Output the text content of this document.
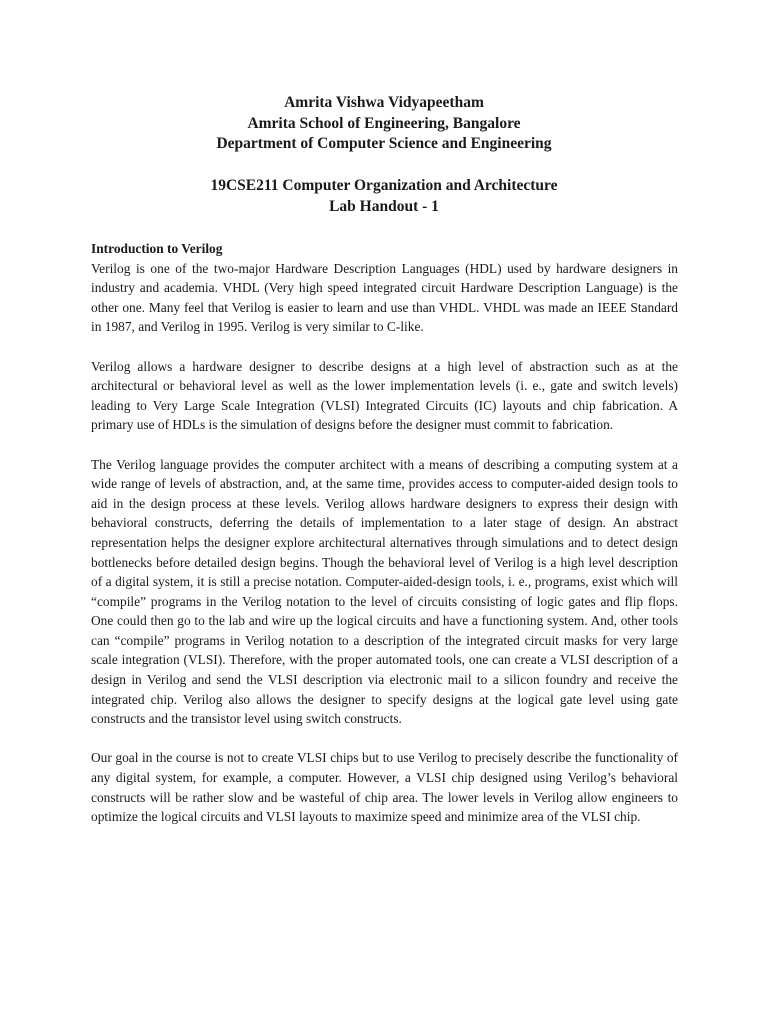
Amrita Vishwa Vidyapeetham
Amrita School of Engineering, Bangalore
Department of Computer Science and Engineering
19CSE211 Computer Organization and Architecture
Lab Handout - 1

Introduction to Verilog

Verilog is one of the two-major Hardware Description Languages (HDL) used by hardware designers in industry and academia. VHDL (Very high speed integrated circuit Hardware Description Language) is the other one. Many feel that Verilog is easier to learn and use than VHDL. VHDL was made an IEEE Standard in 1987, and Verilog in 1995. Verilog is very similar to C-like.

Verilog allows a hardware designer to describe designs at a high level of abstraction such as at the architectural or behavioral level as well as the lower implementation levels (i. e., gate and switch levels) leading to Very Large Scale Integration (VLSI) Integrated Circuits (IC) layouts and chip fabrication. A primary use of HDLs is the simulation of designs before the designer must commit to fabrication.

The Verilog language provides the computer architect with a means of describing a computing system at a wide range of levels of abstraction, and, at the same time, provides access to computer-aided design tools to aid in the design process at these levels. Verilog allows hardware designers to express their design with behavioral constructs, deferring the details of implementation to a later stage of design. An abstract representation helps the designer explore architectural alternatives through simulations and to detect design bottlenecks before detailed design begins. Though the behavioral level of Verilog is a high level description of a digital system, it is still a precise notation. Computer-aided-design tools, i. e., programs, exist which will “compile” programs in the Verilog notation to the level of circuits consisting of logic gates and flip flops. One could then go to the lab and wire up the logical circuits and have a functioning system. And, other tools can “compile” programs in Verilog notation to a description of the integrated circuit masks for very large scale integration (VLSI). Therefore, with the proper automated tools, one can create a VLSI description of a design in Verilog and send the VLSI description via electronic mail to a silicon foundry and receive the integrated chip. Verilog also allows the designer to specify designs at the logical gate level using gate constructs and the transistor level using switch constructs.

Our goal in the course is not to create VLSI chips but to use Verilog to precisely describe the functionality of any digital system, for example, a computer. However, a VLSI chip designed using Verilog’s behavioral constructs will be rather slow and be wasteful of chip area. The lower levels in Verilog allow engineers to optimize the logical circuits and VLSI layouts to maximize speed and minimize area of the VLSI chip.
